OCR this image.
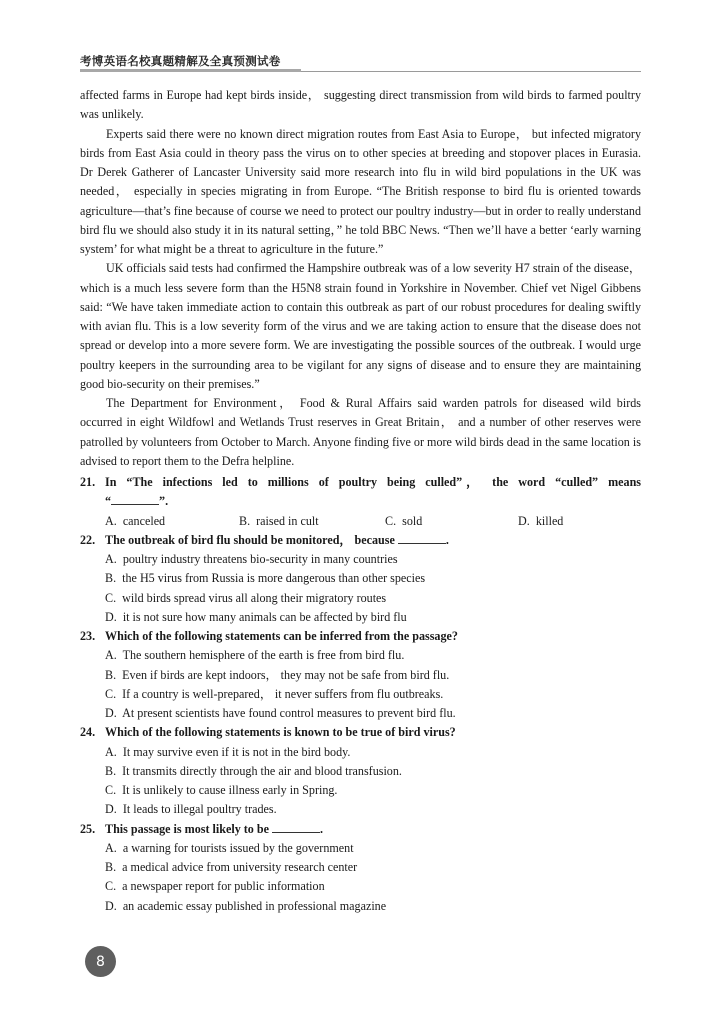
考博英语名校真题精解及全真预测试卷

affected farms in Europe had kept birds inside， suggesting direct transmission from wild birds to farmed poultry was unlikely.

Experts said there were no known direct migration routes from East Asia to Europe， but infected migratory birds from East Asia could in theory pass the virus on to other species at breeding and stopover places in Eurasia. Dr Derek Gatherer of Lancaster University said more research into flu in wild bird populations in the UK was needed， especially in species migrating in from Europe. “The British response to bird flu is oriented towards agriculture—that’s fine because of course we need to protect our poultry industry—but in order to really understand bird flu we should also study it in its natural setting，” he told BBC News. “Then we’ll have a better ‘early warning system’ for what might be a threat to agriculture in the future.”

UK officials said tests had confirmed the Hampshire outbreak was of a low severity H7 strain of the disease， which is a much less severe form than the H5N8 strain found in Yorkshire in November. Chief vet Nigel Gibbens said: “We have taken immediate action to contain this outbreak as part of our robust procedures for dealing swiftly with avian flu. This is a low severity form of the virus and we are taking action to ensure that the disease does not spread or develop into a more severe form. We are investigating the possible sources of the outbreak. I would urge poultry keepers in the surrounding area to be vigilant for any signs of disease and to ensure they are maintaining good bio-security on their premises.”

The Department for Environment， Food & Rural Affairs said warden patrols for diseased wild birds occurred in eight Wildfowl and Wetlands Trust reserves in Great Britain， and a number of other reserves were patrolled by volunteers from October to March. Anyone finding five or more wild birds dead in the same location is advised to report them to the Defra helpline.

21. In “The infections led to millions of poultry being culled”， the word “culled” means
“	”.

A. canceled	B. raised in cult	C. sold	D. killed

22. The outbreak of bird flu should be monitored， because	.

A. poultry industry threatens bio-security in many countries

B. the H5 virus from Russia is more dangerous than other species

C. wild birds spread virus all along their migratory routes

D. it is not sure how many animals can be affected by bird flu

23. Which of the following statements can be inferred from the passage?

A. The southern hemisphere of the earth is free from bird flu.

B. Even if birds are kept indoors， they may not be safe from bird flu.

C. If a country is well-prepared， it never suffers from flu outbreaks.

D. At present scientists have found control measures to prevent bird flu.

24. Which of the following statements is known to be true of bird virus?

A. It may survive even if it is not in the bird body.

B. It transmits directly through the air and blood transfusion.

C. It is unlikely to cause illness early in Spring.

D. It leads to illegal poultry trades.

25. This passage is most likely to be	.

A. a warning for tourists issued by the government

B. a medical advice from university research center

C. a newspaper report for public information

D. an academic essay published in professional magazine

8
